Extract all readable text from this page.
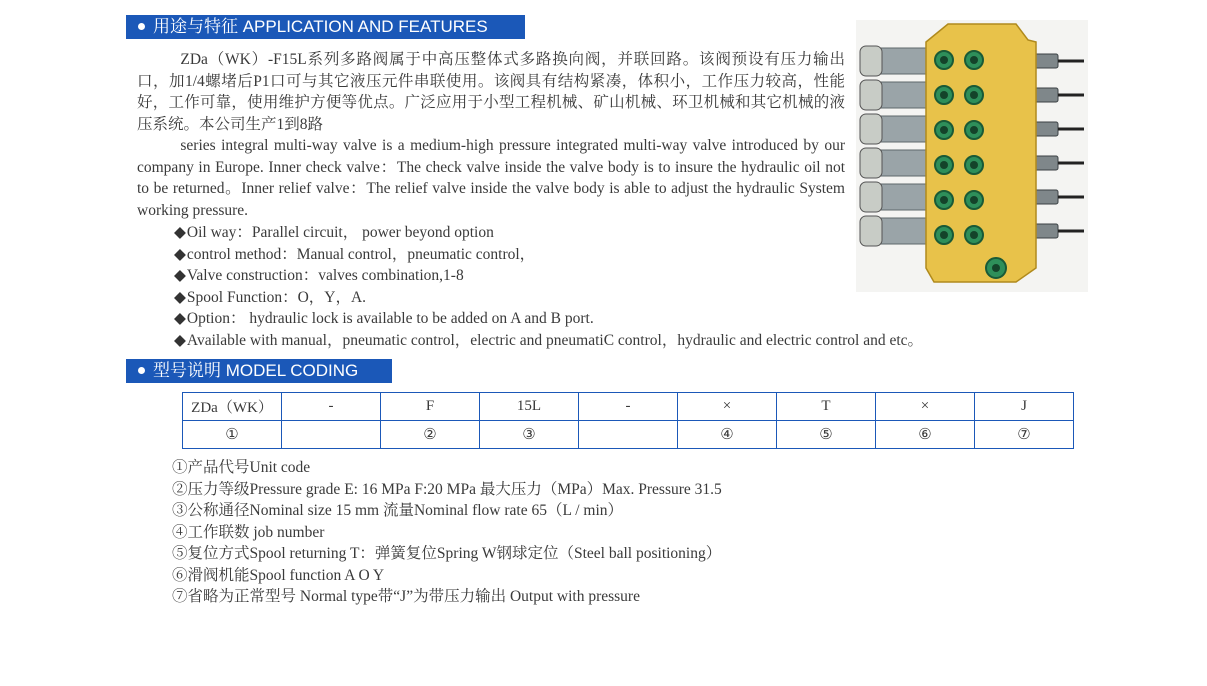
用途与特征 APPLICATION AND FEATURES

ZDa（WK）-F15L系列多路阀属于中高压整体式多路换向阀，并联回路。该阀预设有压力输出口，加1/4螺堵后P1口可与其它液压元件串联使用。该阀具有结构紧凑，体积小，工作压力较高，性能好，工作可靠，使用维护方便等优点。广泛应用于小型工程机械、矿山机械、环卫机械和其它机械的液压系统。本公司生产1到8路

series integral multi-way valve is a medium-high pressure integrated multi-way valve introduced by our company in Europe. Inner check valve：The check valve inside the valve body is to insure the hydraulic oil not to be returned。Inner relief valve：The relief valve inside the valve body is able to adjust the hydraulic System working pressure.

◆Oil way：Parallel circuit， power beyond option
◆control method：Manual control，pneumatic control，
◆Valve construction：valves combination,1-8
◆Spool Function：O，Y，A.
◆Option： hydraulic lock is available to be added on A and B port.
◆Available with manual，pneumatic control，electric and pneumatiC control，hydraulic and electric control and etc。
型号说明 MODEL CODING
ZDa（WK）	-	F	15L	-	×	T	×	J
①		②	③		④	⑤	⑥	⑦
①产品代号Unit code
②压力等级Pressure grade E: 16 MPa F:20 MPa 最大压力（MPa）Max. Pressure 31.5
③公称通径Nominal size 15 mm 流量Nominal flow rate 65（L / min）
④工作联数 job number
⑤复位方式Spool returning T：弹簧复位Spring W钢球定位（Steel ball positioning）
⑥滑阀机能Spool function A O Y
⑦省略为正常型号 Normal type带“J”为带压力输出 Output with pressure
